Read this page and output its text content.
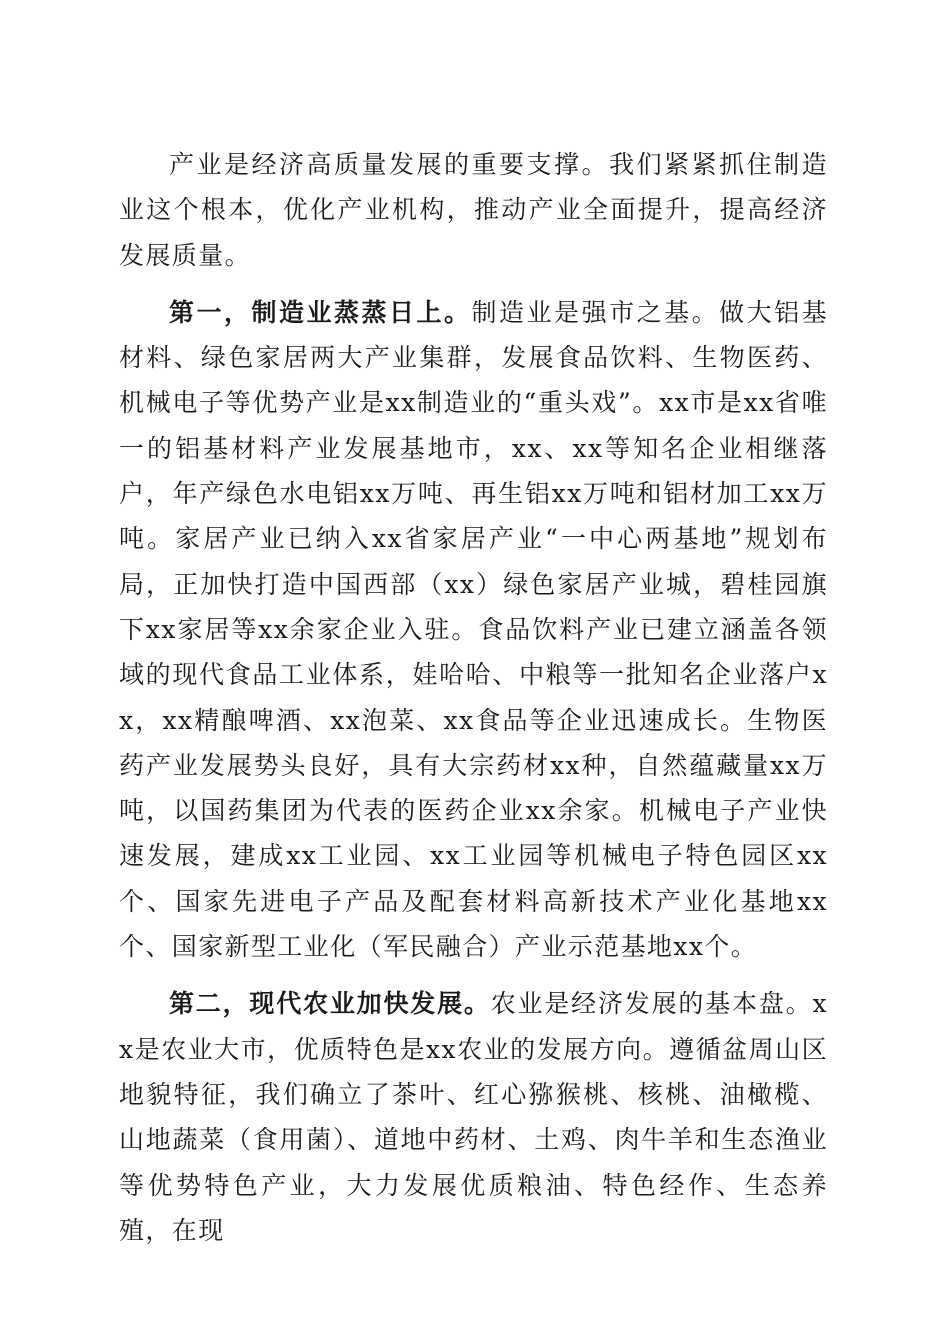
产业是经济高质量发展的重要支撑。我们紧紧抓住制造业这个根本，优化产业机构，推动产业全面提升，提高经济发展质量。

第一，制造业蒸蒸日上。制造业是强市之基。做大铝基材料、绿色家居两大产业集群，发展食品饮料、生物医药、机械电子等优势产业是xx制造业的“重头戏”。xx市是xx省唯一的铝基材料产业发展基地市，xx、xx等知名企业相继落户，年产绿色水电铝xx万吨、再生铝xx万吨和铝材加工xx万吨。家居产业已纳入xx省家居产业“一中心两基地”规划布局，正加快打造中国西部（xx）绿色家居产业城，碧桂园旗下xx家居等xx余家企业入驻。食品饮料产业已建立涵盖各领域的现代食品工业体系，娃哈哈、中粮等一批知名企业落户xx，xx精酿啤酒、xx泡菜、xx食品等企业迅速成长。生物医药产业发展势头良好，具有大宗药材xx种，自然蕴藏量xx万吨，以国药集团为代表的医药企业xx余家。机械电子产业快速发展，建成xx工业园、xx工业园等机械电子特色园区xx个、国家先进电子产品及配套材料高新技术产业化基地xx个、国家新型工业化（军民融合）产业示范基地xx个。

第二，现代农业加快发展。农业是经济发展的基本盘。xx是农业大市，优质特色是xx农业的发展方向。遵循盆周山区地貌特征，我们确立了茶叶、红心猕猴桃、核桃、油橄榄、山地蔬菜（食用菌）、道地中药材、土鸡、肉牛羊和生态渔业等优势特色产业，大力发展优质粮油、特色经作、生态养殖，在现
